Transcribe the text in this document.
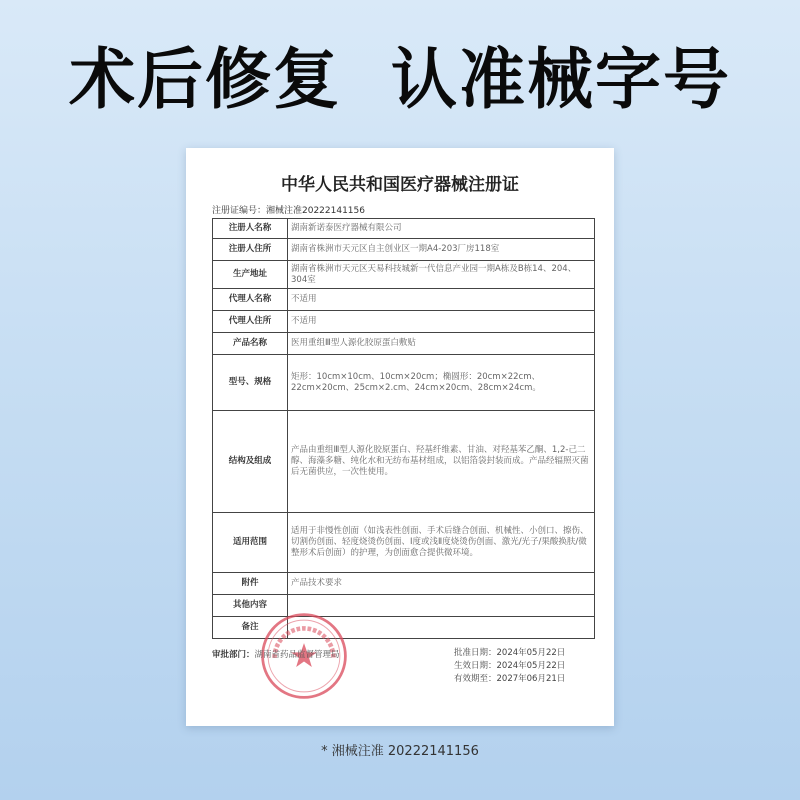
术后修复  认准械字号
中华人民共和国医疗器械注册证
注册证编号：湘械注准20222141156
注册人名称	湖南新诺泰医疗器械有限公司
注册人住所	湖南省株洲市天元区自主创业区一期A4-203厂房118室
生产地址	湖南省株洲市天元区天易科技城新一代信息产业园一期A栋及B栋14、204、304室
代理人名称	不适用
代理人住所	不适用
产品名称	医用重组Ⅲ型人源化胶原蛋白敷贴
型号、规格	矩形：10cm×10cm、10cm×20cm；椭圆形：20cm×22cm、22cm×20cm、25cm×2.cm、24cm×20cm、28cm×24cm。
结构及组成	产品由重组Ⅲ型人源化胶原蛋白、羟基纤维素、甘油、对羟基苯乙酮、1,2-己二醇、海藻多糖、纯化水和无纺布基材组成，以铝箔袋封装而成。产品经辐照灭菌后无菌供应，一次性使用。
适用范围	适用于非慢性创面（如浅表性创面、手术后缝合创面、机械性、小创口、擦伤、切割伤创面、轻度烧烫伤创面、Ⅰ度或浅Ⅱ度烧烫伤创面、激光/光子/果酸换肤/微整形术后创面）的护理，为创面愈合提供微环境。
附件	产品技术要求
其他内容	
备注	
审批部门：湖南省药品监督管理局	批准日期：2024年05月22日
生效日期：2024年05月22日
有效期至：2027年06月21日
* 湘械注准 20222141156
